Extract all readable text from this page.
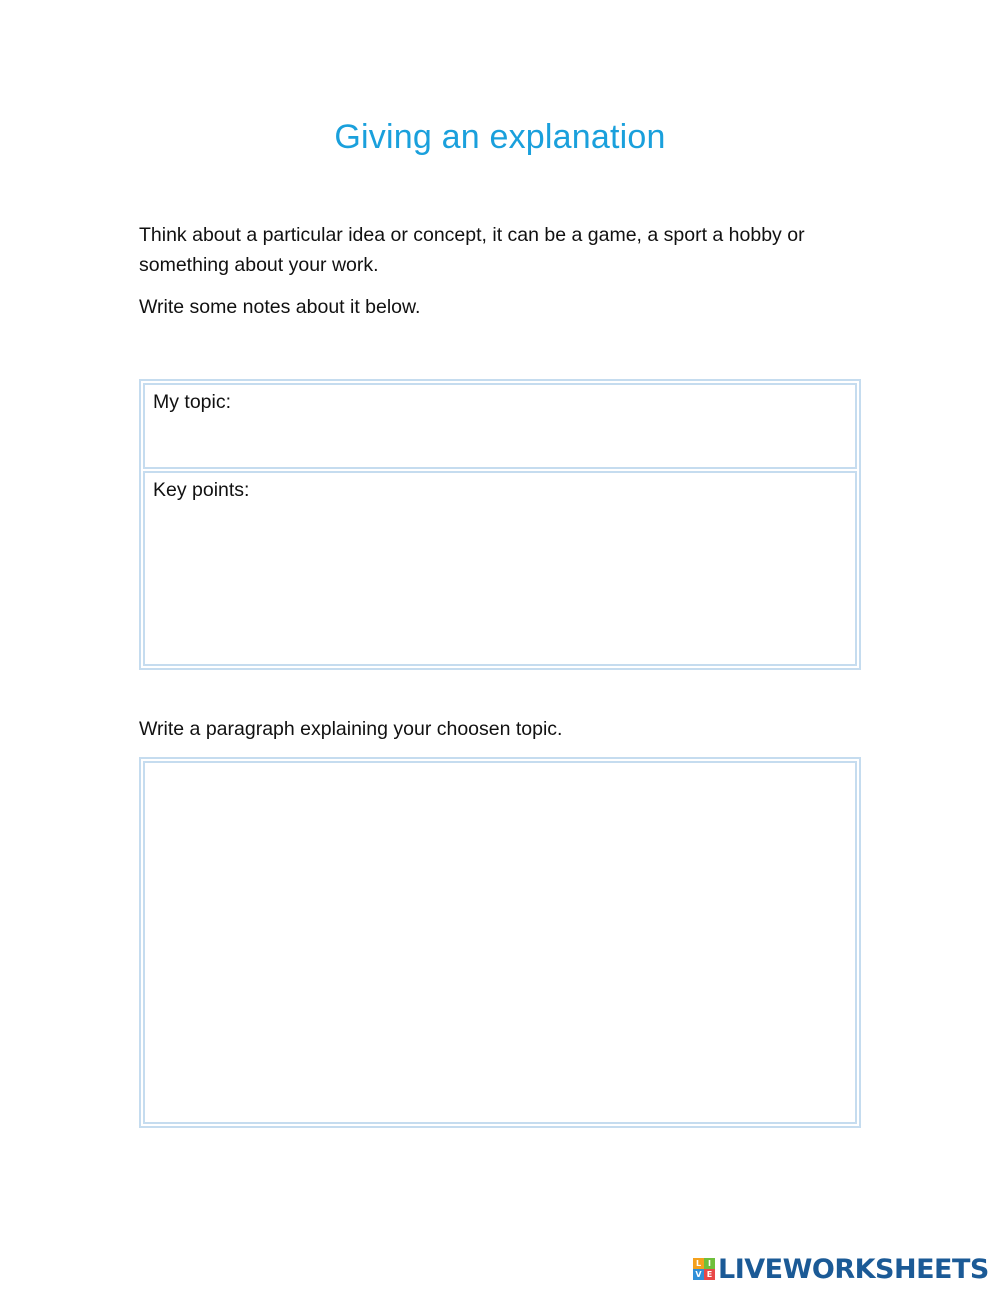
Giving an explanation

Think about a particular idea or concept, it can be a game, a sport a hobby or something about your work.

Write some notes about it below.

My topic:
Key points:

Write a paragraph explaining your choosen topic.

L I
V E LIVEWORKSHEETS
